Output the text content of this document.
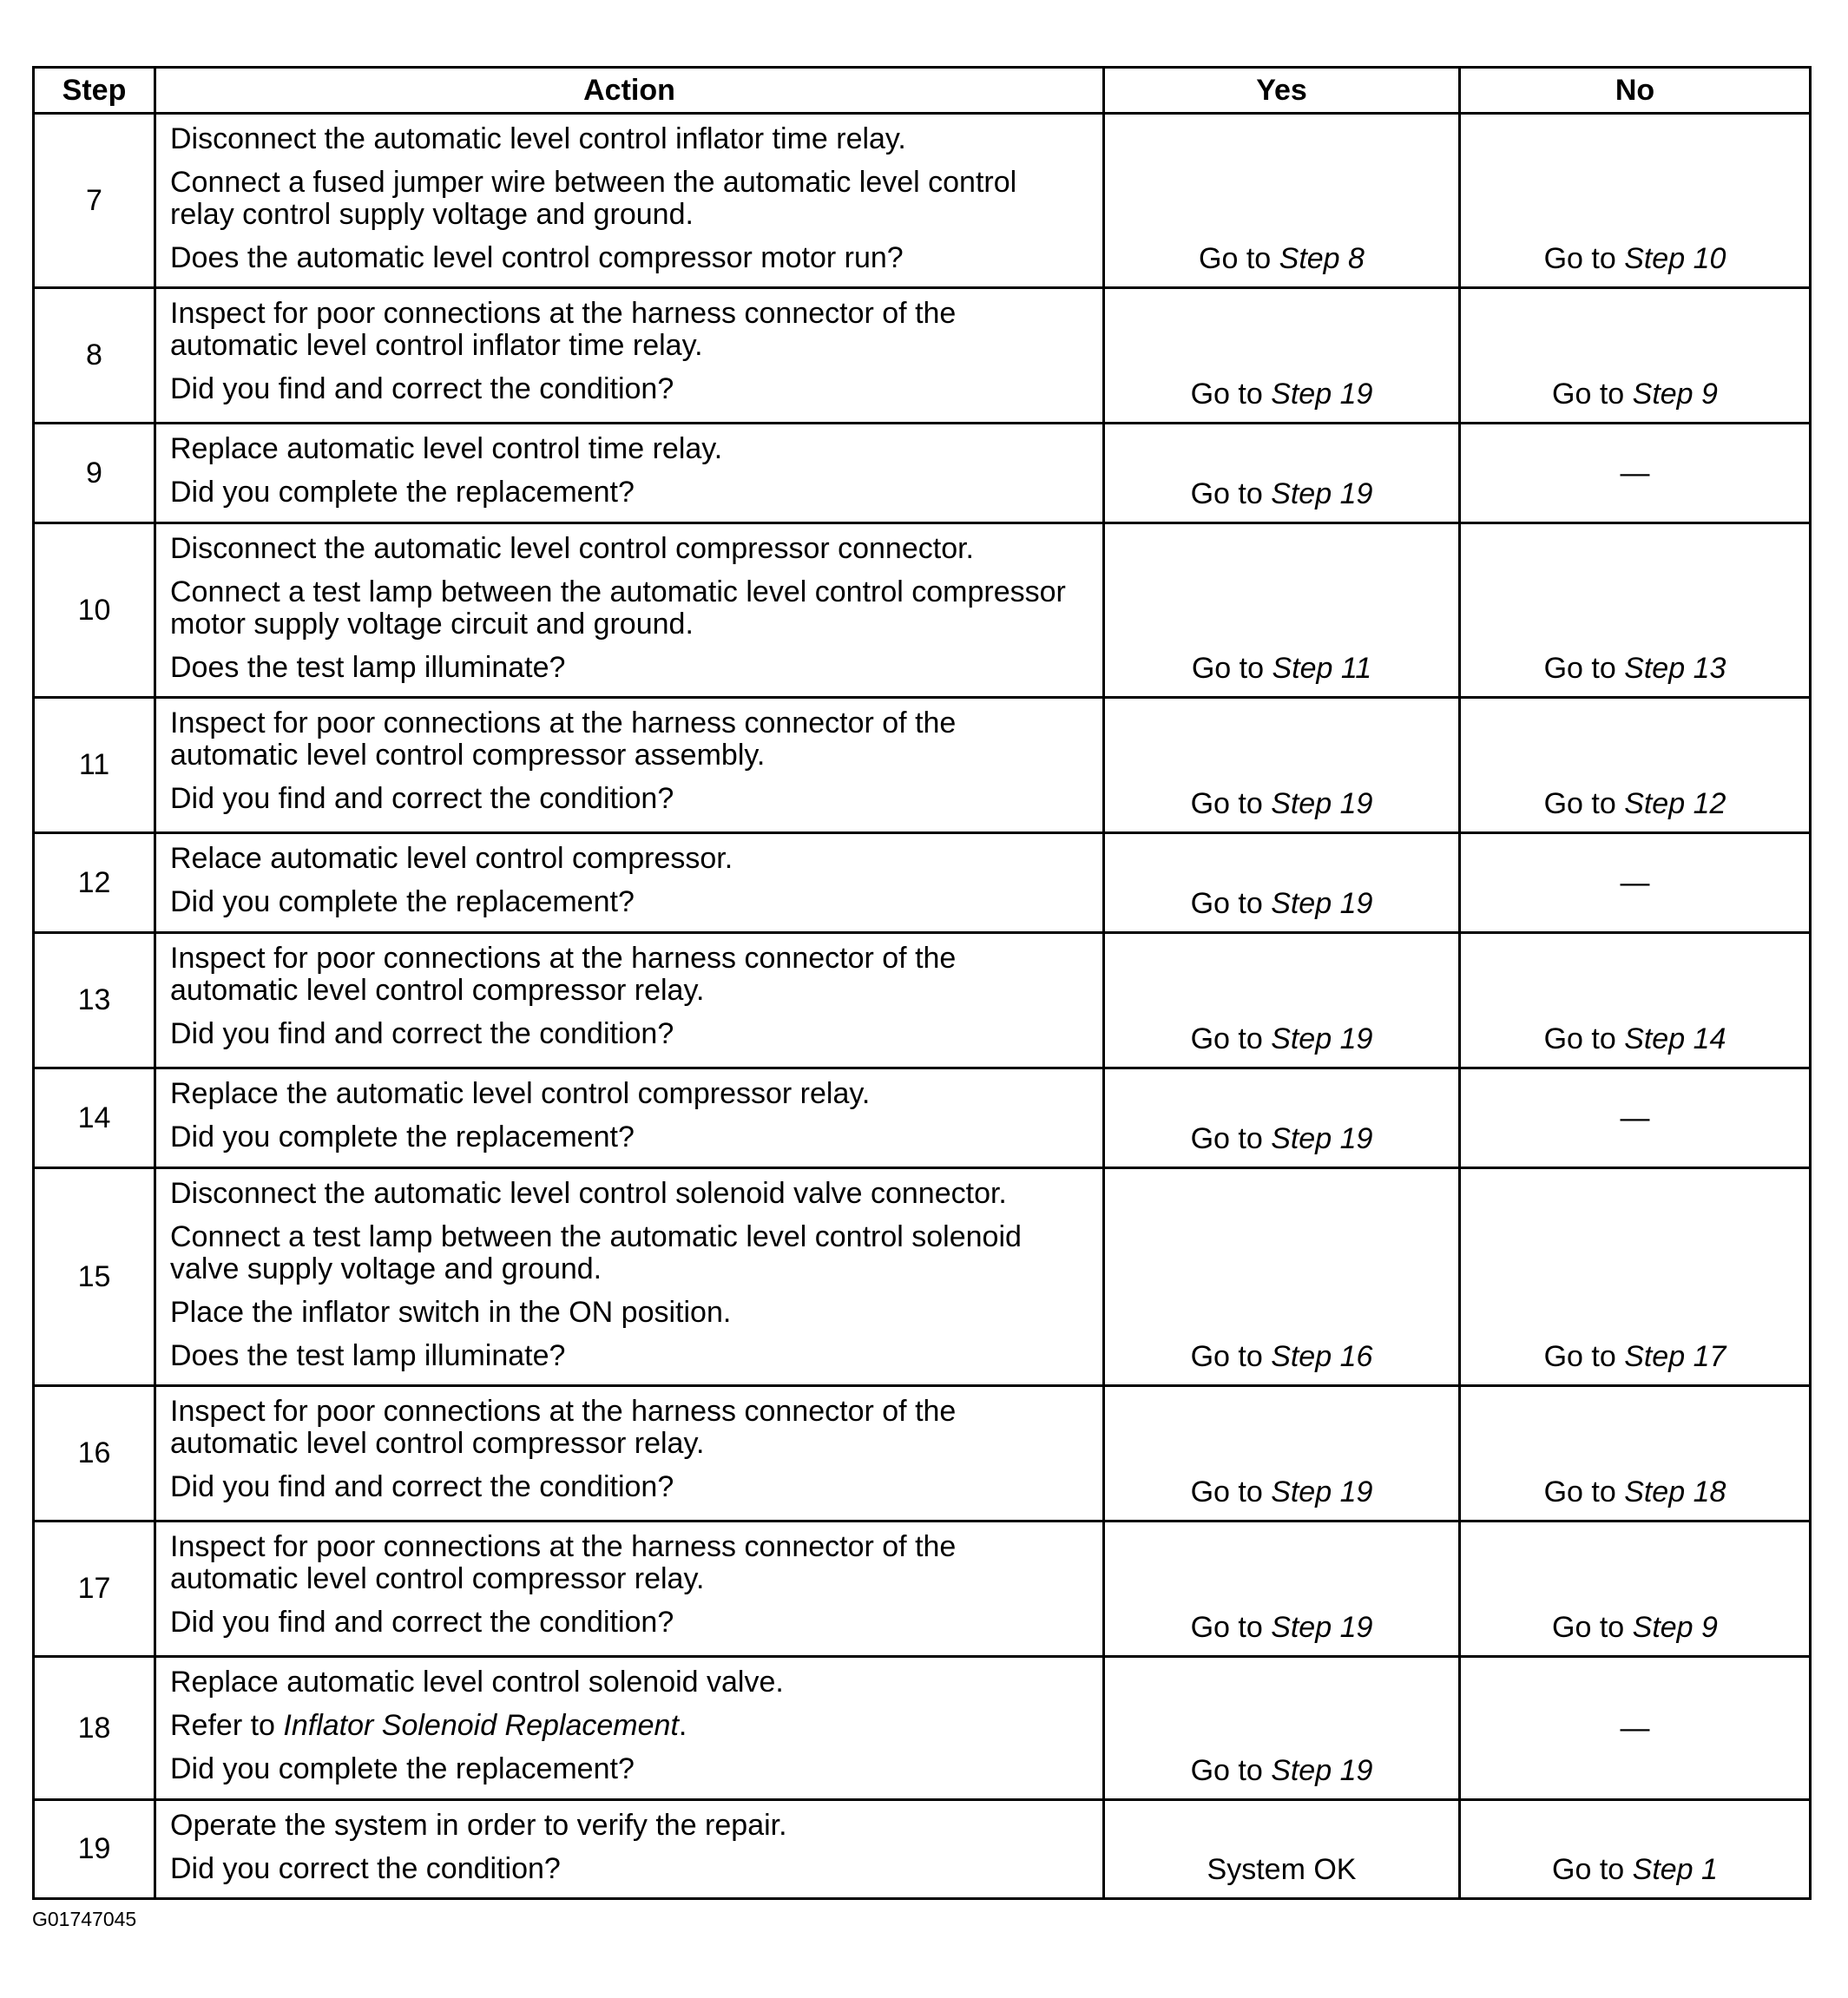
Step	Action	Yes	No
7	Disconnect the automatic level control inflator time relay.
Connect a fused jumper wire between the automatic level control relay control supply voltage and ground.
Does the automatic level control compressor motor run?	Go to Step 8	Go to Step 10
8	Inspect for poor connections at the harness connector of the automatic level control inflator time relay.
Did you find and correct the condition?	Go to Step 19	Go to Step 9
9	Replace automatic level control time relay.
Did you complete the replacement?	Go to Step 19	—
10	Disconnect the automatic level control compressor connector.
Connect a test lamp between the automatic level control compressor motor supply voltage circuit and ground.
Does the test lamp illuminate?	Go to Step 11	Go to Step 13
11	Inspect for poor connections at the harness connector of the automatic level control compressor assembly.
Did you find and correct the condition?	Go to Step 19	Go to Step 12
12	Relace automatic level control compressor.
Did you complete the replacement?	Go to Step 19	—
13	Inspect for poor connections at the harness connector of the automatic level control compressor relay.
Did you find and correct the condition?	Go to Step 19	Go to Step 14
14	Replace the automatic level control compressor relay.
Did you complete the replacement?	Go to Step 19	—
15	Disconnect the automatic level control solenoid valve connector.
Connect a test lamp between the automatic level control solenoid valve supply voltage and ground.
Place the inflator switch in the ON position.
Does the test lamp illuminate?	Go to Step 16	Go to Step 17
16	Inspect for poor connections at the harness connector of the automatic level control compressor relay.
Did you find and correct the condition?	Go to Step 19	Go to Step 18
17	Inspect for poor connections at the harness connector of the automatic level control compressor relay.
Did you find and correct the condition?	Go to Step 19	Go to Step 9
18	Replace automatic level control solenoid valve.
Refer to Inflator Solenoid Replacement.
Did you complete the replacement?	Go to Step 19	—
19	Operate the system in order to verify the repair.
Did you correct the condition?	System OK	Go to Step 1
G01747045
